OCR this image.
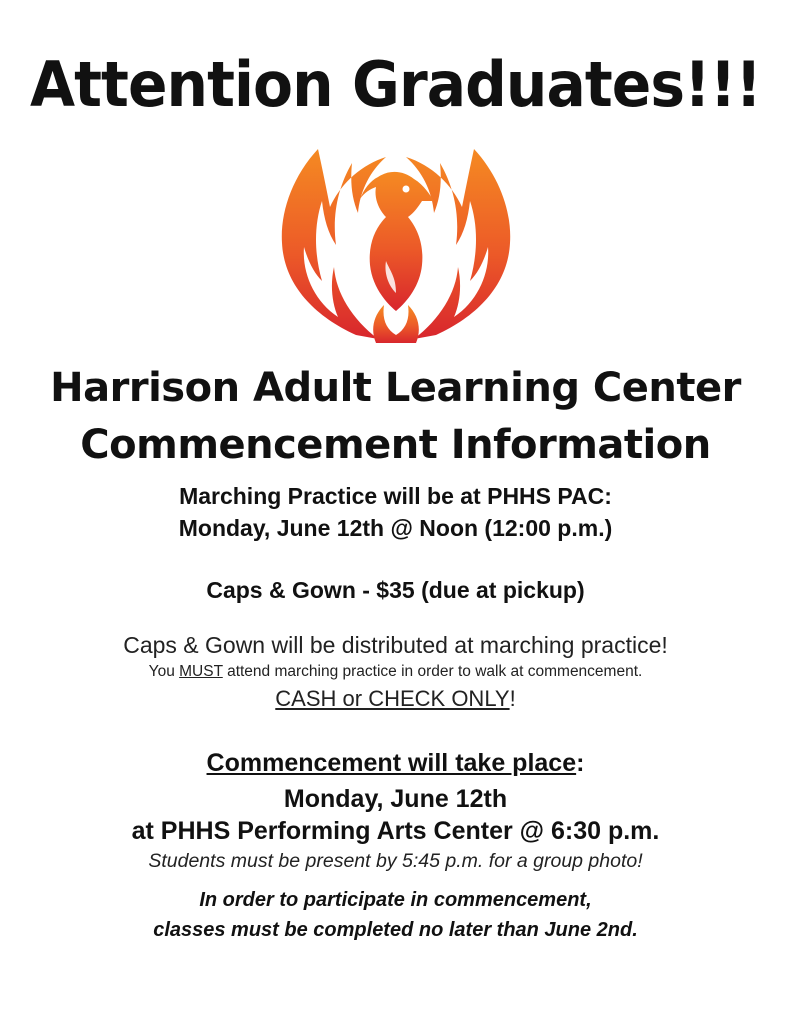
Attention Graduates!!!
Harrison Adult Learning Center
Commencement Information
Marching Practice will be at PHHS PAC:
Monday, June 12th @ Noon (12:00 p.m.)
Caps & Gown - $35 (due at pickup)
Caps & Gown will be distributed at marching practice!
You MUST attend marching practice in order to walk at commencement.
CASH or CHECK ONLY!
Commencement will take place:
Monday, June 12th
at PHHS Performing Arts Center @ 6:30 p.m.
Students must be present by 5:45 p.m. for a group photo!
In order to participate in commencement,
classes must be completed no later than June 2nd.
